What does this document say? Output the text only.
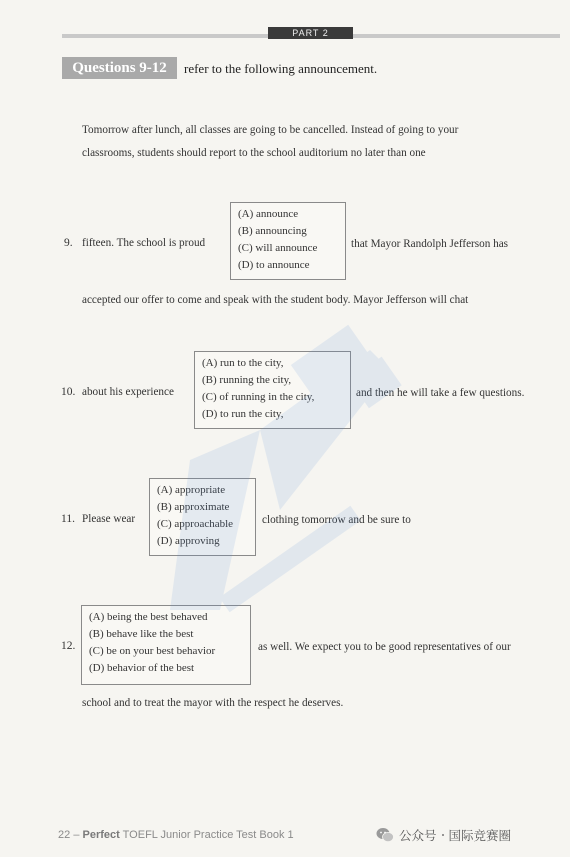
PART 2
Questions 9-12	refer to the following announcement.
Tomorrow after lunch, all classes are going to be cancelled. Instead of going to your
classrooms, students should report to the school auditorium no later than one
9. fifteen. The school is proud
(A) announce
(B) announcing
(C) will announce
(D) to announce
that Mayor Randolph Jefferson has
accepted our offer to come and speak with the student body. Mayor Jefferson will chat
10. about his experience
(A) run to the city,
(B) running the city,
(C) of running in the city,
(D) to run the city,
and then he will take a few questions.
11. Please wear
(A) appropriate
(B) approximate
(C) approachable
(D) approving
clothing tomorrow and be sure to
12.
(A) being the best behaved
(B) behave like the best
(C) be on your best behavior
(D) behavior of the best
as well. We expect you to be good representatives of our
school and to treat the mayor with the respect he deserves.
22 – Perfect TOEFL Junior Practice Test Book 1	公众号 国际竞赛圈
